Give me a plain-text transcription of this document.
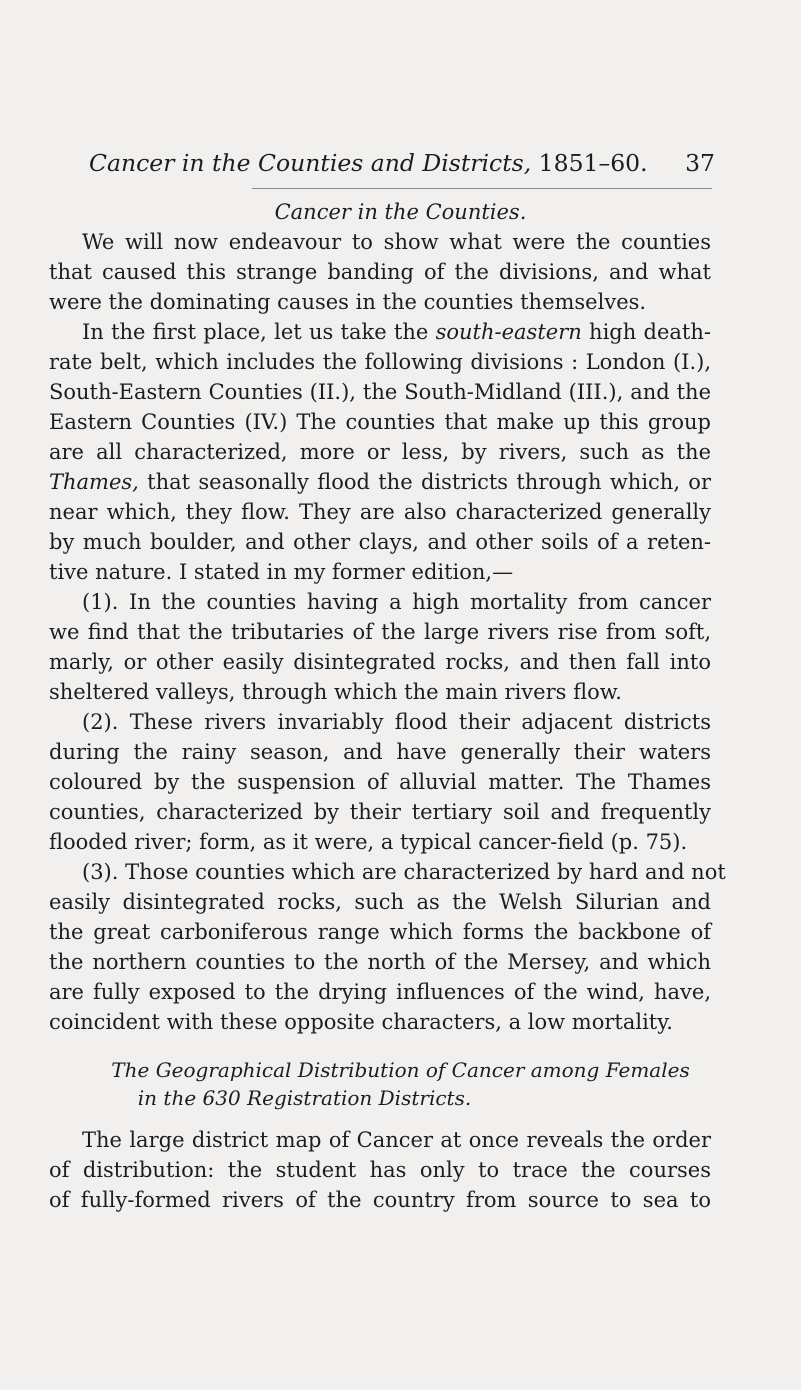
Cancer in the Counties and Districts, 1851–60. 37
Cancer in the Counties.
We will now endeavour to show what were the counties
that caused this strange banding of the divisions, and what
were the dominating causes in the counties themselves.
In the first place, let us take the south-eastern high death-
rate belt, which includes the following divisions : London (I.),
South-Eastern Counties (II.), the South-Midland (III.), and the
Eastern Counties (IV.) The counties that make up this group
are all characterized, more or less, by rivers, such as the
Thames, that seasonally flood the districts through which, or
near which, they flow. They are also characterized generally
by much boulder, and other clays, and other soils of a reten-
tive nature. I stated in my former edition,—
(1). In the counties having a high mortality from cancer
we find that the tributaries of the large rivers rise from soft,
marly, or other easily disintegrated rocks, and then fall into
sheltered valleys, through which the main rivers flow.
(2). These rivers invariably flood their adjacent districts
during the rainy season, and have generally their waters
coloured by the suspension of alluvial matter. The Thames
counties, characterized by their tertiary soil and frequently
flooded river; form, as it were, a typical cancer-field (p. 75).
(3). Those counties which are characterized by hard and not
easily disintegrated rocks, such as the Welsh Silurian and
the great carboniferous range which forms the backbone of
the northern counties to the north of the Mersey, and which
are fully exposed to the drying influences of the wind, have,
coincident with these opposite characters, a low mortality.
The Geographical Distribution of Cancer among Females
in the 630 Registration Districts.
The large district map of Cancer at once reveals the order
of distribution: the student has only to trace the courses
of fully-formed rivers of the country from source to sea to
